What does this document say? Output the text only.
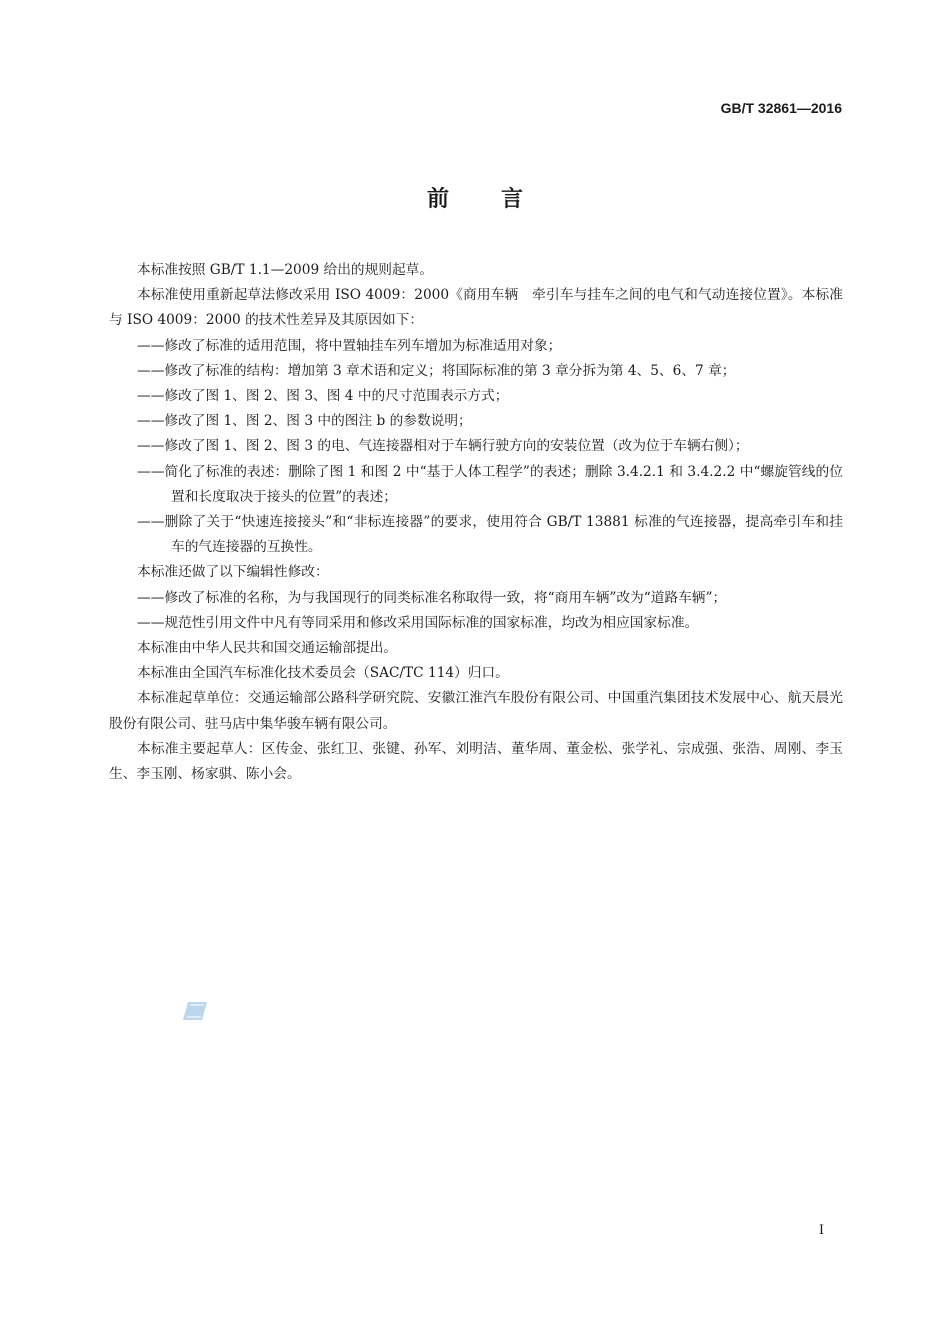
GB/T 32861—2016
前言

本标准按照 GB/T 1.1—2009 给出的规则起草。

本标准使用重新起草法修改采用 ISO 4009：2000《商用车辆　牵引车与挂车之间的电气和气动连接位置》。本标准与 ISO 4009：2000 的技术性差异及其原因如下：

——修改了标准的适用范围，将中置轴挂车列车增加为标准适用对象；

——修改了标准的结构：增加第 3 章术语和定义；将国际标准的第 3 章分拆为第 4、5、6、7 章；

——修改了图 1、图 2、图 3、图 4 中的尺寸范围表示方式；

——修改了图 1、图 2、图 3 中的图注 b 的参数说明；

——修改了图 1、图 2、图 3 的电、气连接器相对于车辆行驶方向的安装位置（改为位于车辆右侧）；

——简化了标准的表述：删除了图 1 和图 2 中“基于人体工程学”的表述；删除 3.4.2.1 和 3.4.2.2 中“螺旋管线的位置和长度取决于接头的位置”的表述；

——删除了关于“快速连接接头”和“非标连接器”的要求，使用符合 GB/T 13881 标准的气连接器，提高牵引车和挂车的气连接器的互换性。

本标准还做了以下编辑性修改：

——修改了标准的名称，为与我国现行的同类标准名称取得一致，将“商用车辆”改为“道路车辆”；

——规范性引用文件中凡有等同采用和修改采用国际标准的国家标准，均改为相应国家标准。

本标准由中华人民共和国交通运输部提出。

本标准由全国汽车标准化技术委员会（SAC/TC 114）归口。

本标准起草单位：交通运输部公路科学研究院、安徽江淮汽车股份有限公司、中国重汽集团技术发展中心、航天晨光股份有限公司、驻马店中集华骏车辆有限公司。

本标准主要起草人：区传金、张红卫、张键、孙军、刘明洁、董华周、董金松、张学礼、宗成强、张浩、周刚、李玉生、李玉刚、杨家骐、陈小会。

I
